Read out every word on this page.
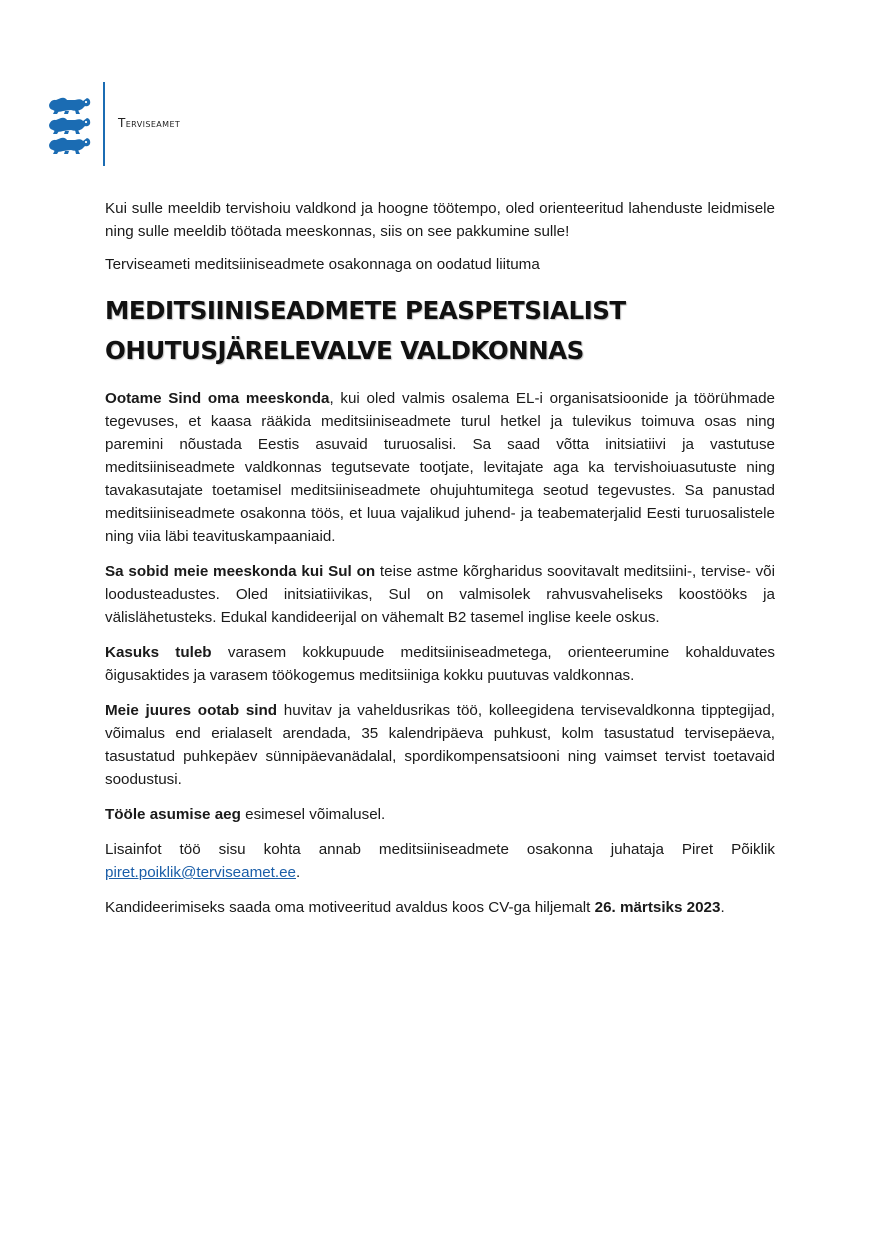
Terviseamet

Kui sulle meeldib tervishoiu valdkond ja hoogne töötempo, oled orienteeritud lahenduste leidmisele ning sulle meeldib töötada meeskonnas, siis on see pakkumine sulle!

Terviseameti meditsiiniseadmete osakonnaga on oodatud liituma

MEDITSIINISEADMETE PEASPETSIALIST
OHUTUSJÄRELEVALVE VALDKONNAS

Ootame Sind oma meeskonda, kui oled valmis osalema EL-i organisatsioonide ja töörühmade tegevuses, et kaasa rääkida meditsiiniseadmete turul hetkel ja tulevikus toimuva osas ning paremini nõustada Eestis asuvaid turuosalisi. Sa saad võtta initsiatiivi ja vastutuse meditsiiniseadmete valdkonnas tegutsevate tootjate, levitajate aga ka tervishoiuasutuste ning tavakasutajate toetamisel meditsiiniseadmete ohujuhtumitega seotud tegevustes. Sa panustad meditsiiniseadmete osakonna töös, et luua vajalikud juhend- ja teabematerjalid Eesti turuosalistele ning viia läbi teavituskampaaniaid.

Sa sobid meie meeskonda kui Sul on teise astme kõrgharidus soovitavalt meditsiini-, tervise- või loodusteadustes. Oled initsiatiivikas, Sul on valmisolek rahvusvaheliseks koostööks ja välislähetusteks. Edukal kandideerijal on vähemalt B2 tasemel inglise keele oskus.

Kasuks tuleb varasem kokkupuude meditsiiniseadmetega, orienteerumine kohalduvates õigusaktides ja varasem töökogemus meditsiiniga kokku puutuvas valdkonnas.

Meie juures ootab sind huvitav ja vaheldusrikas töö, kolleegidena tervisevaldkonna tipptegijad, võimalus end erialaselt arendada, 35 kalendripäeva puhkust, kolm tasustatud tervisepäeva, tasustatud puhkepäev sünnipäevanädalal, spordikompensatsiooni ning vaimset tervist toetavaid soodustusi.

Tööle asumise aeg esimesel võimalusel.

Lisainfot töö sisu kohta annab meditsiiniseadmete osakonna juhataja Piret Põiklik piret.poiklik@terviseamet.ee.

Kandideerimiseks saada oma motiveeritud avaldus koos CV-ga hiljemalt 26. märtsiks 2023.
